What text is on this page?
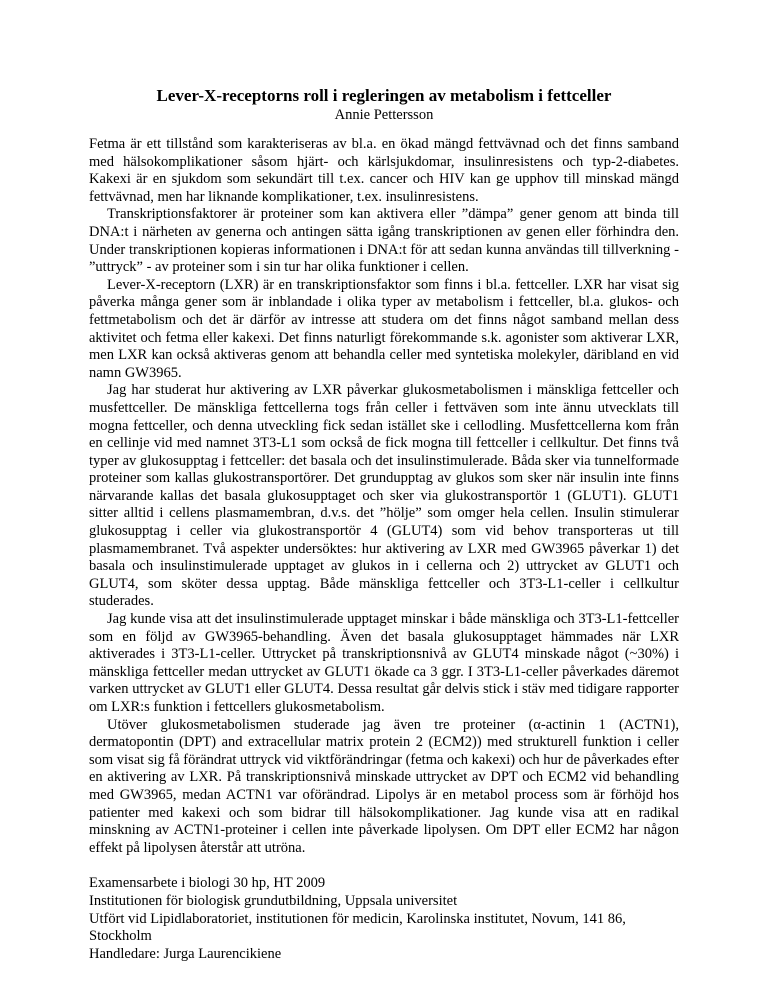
Lever-X-receptorns roll i regleringen av metabolism i fettceller
Annie Pettersson

Fetma är ett tillstånd som karakteriseras av bl.a. en ökad mängd fettvävnad och det finns samband med hälsokomplikationer såsom hjärt- och kärlsjukdomar, insulinresistens och typ-2-diabetes. Kakexi är en sjukdom som sekundärt till t.ex. cancer och HIV kan ge upphov till minskad mängd fettvävnad, men har liknande komplikationer, t.ex. insulinresistens.

Transkriptionsfaktorer är proteiner som kan aktivera eller ”dämpa” gener genom att binda till DNA:t i närheten av generna och antingen sätta igång transkriptionen av genen eller förhindra den. Under transkriptionen kopieras informationen i DNA:t för att sedan kunna användas till tillverkning - ”uttryck” - av proteiner som i sin tur har olika funktioner i cellen.

Lever-X-receptorn (LXR) är en transkriptionsfaktor som finns i bl.a. fettceller. LXR har visat sig påverka många gener som är inblandade i olika typer av metabolism i fettceller, bl.a. glukos- och fettmetabolism och det är därför av intresse att studera om det finns något samband mellan dess aktivitet och fetma eller kakexi. Det finns naturligt förekommande s.k. agonister som aktiverar LXR, men LXR kan också aktiveras genom att behandla celler med syntetiska molekyler, däribland en vid namn GW3965.

Jag har studerat hur aktivering av LXR påverkar glukosmetabolismen i mänskliga fettceller och musfettceller. De mänskliga fettcellerna togs från celler i fettväven som inte ännu utvecklats till mogna fettceller, och denna utveckling fick sedan istället ske i cellodling. Musfettcellerna kom från en cellinje vid med namnet 3T3-L1 som också de fick mogna till fettceller i cellkultur. Det finns två typer av glukosupptag i fettceller: det basala och det insulinstimulerade. Båda sker via tunnelformade proteiner som kallas glukostransportörer. Det grundupptag av glukos som sker när insulin inte finns närvarande kallas det basala glukosupptaget och sker via glukostransportör 1 (GLUT1). GLUT1 sitter alltid i cellens plasmamembran, d.v.s. det ”hölje” som omger hela cellen. Insulin stimulerar glukosupptag i celler via glukostransportör 4 (GLUT4) som vid behov transporteras ut till plasmamembranet. Två aspekter undersöktes: hur aktivering av LXR med GW3965 påverkar 1) det basala och insulinstimulerade upptaget av glukos in i cellerna och 2) uttrycket av GLUT1 och GLUT4, som sköter dessa upptag. Både mänskliga fettceller och 3T3-L1-celler i cellkultur studerades.

Jag kunde visa att det insulinstimulerade upptaget minskar i både mänskliga och 3T3-L1-fettceller som en följd av GW3965-behandling. Även det basala glukosupptaget hämmades när LXR aktiverades i 3T3-L1-celler. Uttrycket på transkriptionsnivå av GLUT4 minskade något (~30%) i mänskliga fettceller medan uttrycket av GLUT1 ökade ca 3 ggr. I 3T3-L1-celler påverkades däremot varken uttrycket av GLUT1 eller GLUT4. Dessa resultat går delvis stick i stäv med tidigare rapporter om LXR:s funktion i fettcellers glukosmetabolism.

Utöver glukosmetabolismen studerade jag även tre proteiner (α-actinin 1 (ACTN1), dermatopontin (DPT) and extracellular matrix protein 2 (ECM2)) med strukturell funktion i celler som visat sig få förändrat uttryck vid viktförändringar (fetma och kakexi) och hur de påverkades efter en aktivering av LXR. På transkriptionsnivå minskade uttrycket av DPT och ECM2 vid behandling med GW3965, medan ACTN1 var oförändrad. Lipolys är en metabol process som är förhöjd hos patienter med kakexi och som bidrar till hälsokomplikationer. Jag kunde visa att en radikal minskning av ACTN1-proteiner i cellen inte påverkade lipolysen. Om DPT eller ECM2 har någon effekt på lipolysen återstår att utröna.

Examensarbete i biologi 30 hp, HT 2009
Institutionen för biologisk grundutbildning, Uppsala universitet
Utfört vid Lipidlaboratoriet, institutionen för medicin, Karolinska institutet, Novum, 141 86, Stockholm
Handledare: Jurga Laurencikiene
